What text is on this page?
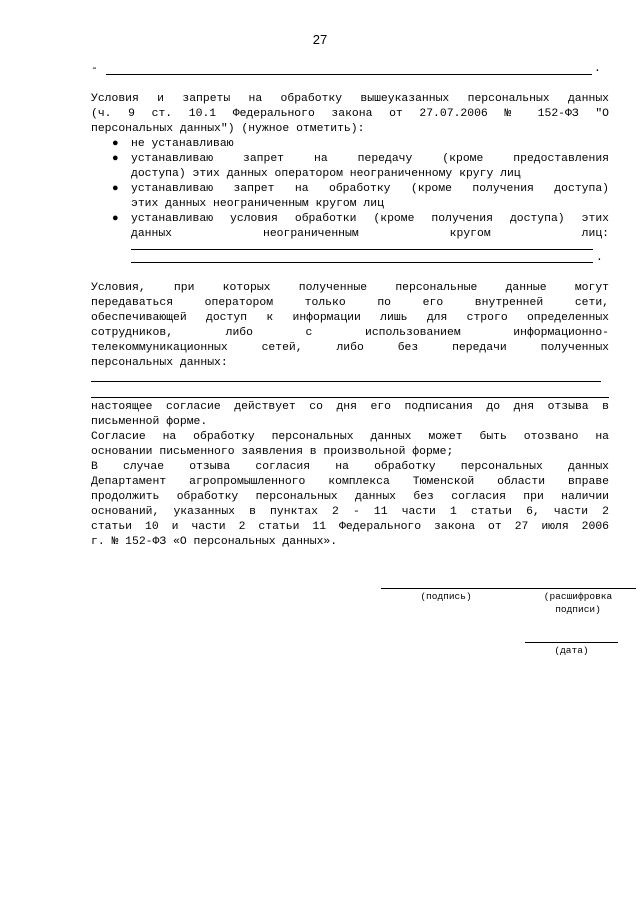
27
-	.
Условия и запреты на обработку вышеуказанных персональных данных
(ч. 9 ст. 10.1 Федерального закона от 27.07.2006 № 152-ФЗ "О
персональных данных") (нужное отметить):
● не устанавливаю
● устанавливаю запрет на передачу (кроме предоставления
доступа) этих данных оператором неограниченному кругу лиц
● устанавливаю запрет на обработку (кроме получения доступа)
этих данных неограниченным кругом лиц
● устанавливаю условия обработки (кроме получения доступа) этих
данных неограниченным кругом лиц:
.
Условия, при которых полученные персональные данные могут
передаваться оператором только по его внутренней сети,
обеспечивающей доступ к информации лишь для строго определенных
сотрудников, либо с использованием информационно-
телекоммуникационных сетей, либо без передачи полученных
персональных данных:
настоящее согласие действует со дня его подписания до дня отзыва в
письменной форме.
Согласие на обработку персональных данных может быть отозвано на
основании письменного заявления в произвольной форме;
В случае отзыва согласия на обработку персональных данных
Департамент агропромышленного комплекса Тюменской области вправе
продолжить обработку персональных данных без согласия при наличии
оснований, указанных в пунктах 2 - 11 части 1 статьи 6, части 2
статьи 10 и части 2 статьи 11 Федерального закона от 27 июля 2006
г. № 152-ФЗ «О персональных данных».
(подпись)	(расшифровка
подписи)
(дата)
